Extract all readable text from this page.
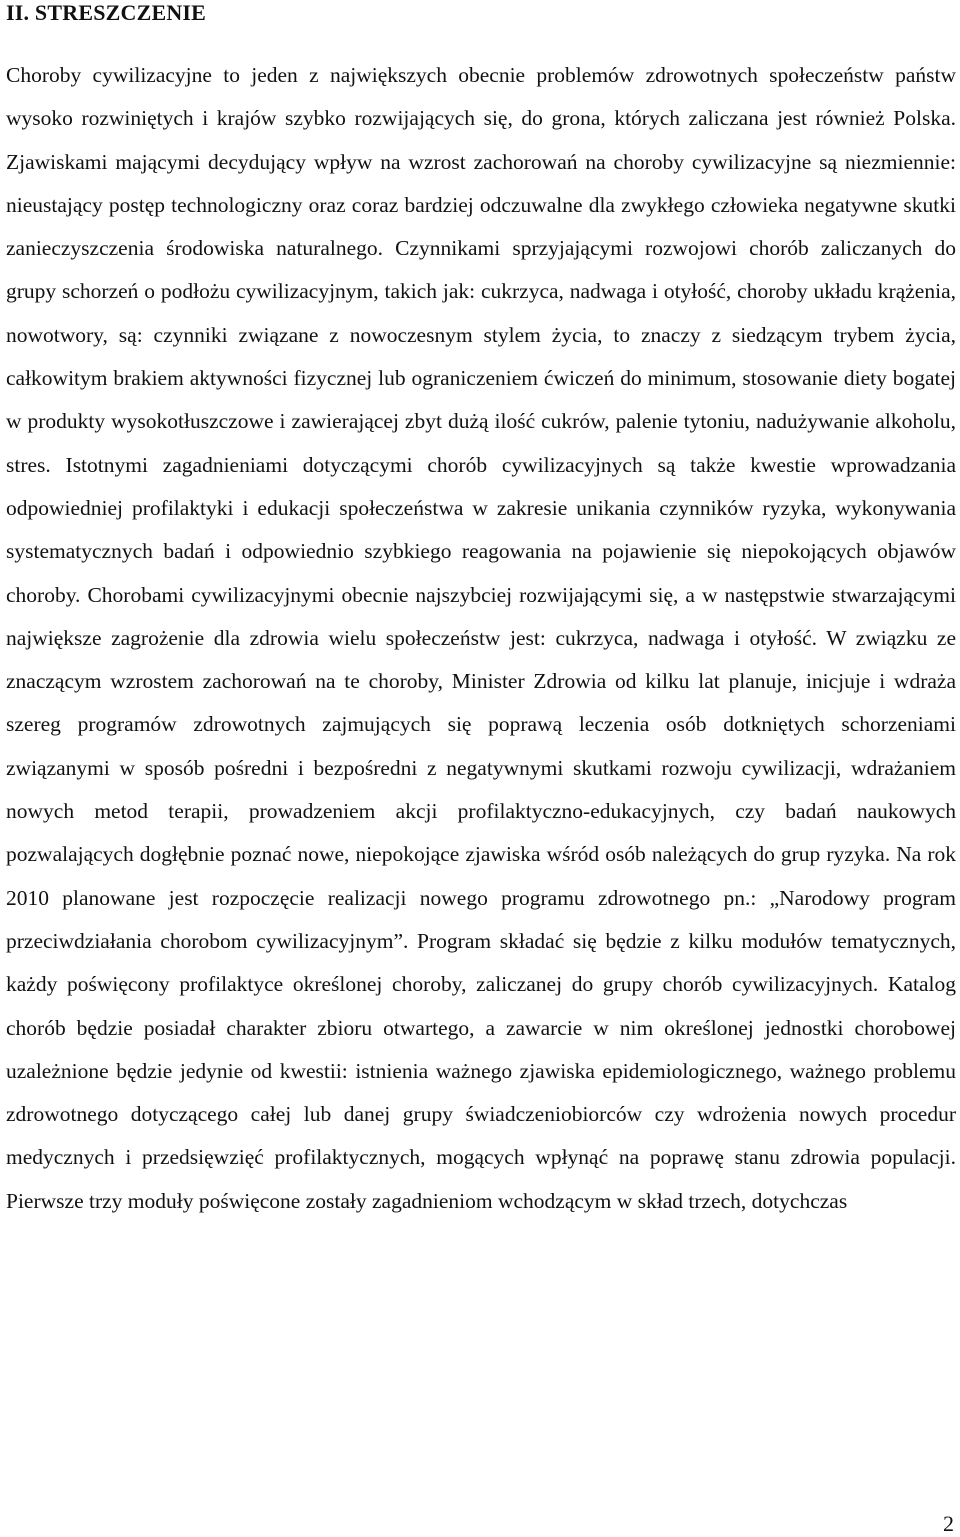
II. STRESZCZENIE

Choroby cywilizacyjne to jeden z największych obecnie problemów zdrowotnych społeczeństw państw wysoko rozwiniętych i krajów szybko rozwijających się, do grona, których zaliczana jest również Polska. Zjawiskami mającymi decydujący wpływ na wzrost zachorowań na choroby cywilizacyjne są niezmiennie: nieustający postęp technologiczny oraz coraz bardziej odczuwalne dla zwykłego człowieka negatywne skutki zanieczyszczenia środowiska naturalnego. Czynnikami sprzyjającymi rozwojowi chorób zaliczanych do grupy schorzeń o podłożu cywilizacyjnym, takich jak: cukrzyca, nadwaga i otyłość, choroby układu krążenia, nowotwory, są: czynniki związane z nowoczesnym stylem życia, to znaczy z siedzącym trybem życia, całkowitym brakiem aktywności fizycznej lub ograniczeniem ćwiczeń do minimum, stosowanie diety bogatej w produkty wysokotłuszczowe i zawierającej zbyt dużą ilość cukrów, palenie tytoniu, nadużywanie alkoholu, stres. Istotnymi zagadnieniami dotyczącymi chorób cywilizacyjnych są także kwestie wprowadzania odpowiedniej profilaktyki i edukacji społeczeństwa w zakresie unikania czynników ryzyka, wykonywania systematycznych badań i odpowiednio szybkiego reagowania na pojawienie się niepokojących objawów choroby. Chorobami cywilizacyjnymi obecnie najszybciej rozwijającymi się, a w następstwie stwarzającymi największe zagrożenie dla zdrowia wielu społeczeństw jest: cukrzyca, nadwaga i otyłość. W związku ze znaczącym wzrostem zachorowań na te choroby, Minister Zdrowia od kilku lat planuje, inicjuje i wdraża szereg programów zdrowotnych zajmujących się poprawą leczenia osób dotkniętych schorzeniami związanymi w sposób pośredni i bezpośredni z negatywnymi skutkami rozwoju cywilizacji, wdrażaniem nowych metod terapii, prowadzeniem akcji profilaktyczno-edukacyjnych, czy badań naukowych pozwalających dogłębnie poznać nowe, niepokojące zjawiska wśród osób należących do grup ryzyka. Na rok 2010 planowane jest rozpoczęcie realizacji nowego programu zdrowotnego pn.: „Narodowy program przeciwdziałania chorobom cywilizacyjnym”. Program składać się będzie z kilku modułów tematycznych, każdy poświęcony profilaktyce określonej choroby, zaliczanej do grupy chorób cywilizacyjnych. Katalog chorób będzie posiadał charakter zbioru otwartego, a zawarcie w nim określonej jednostki chorobowej uzależnione będzie jedynie od kwestii: istnienia ważnego zjawiska epidemiologicznego, ważnego problemu zdrowotnego dotyczącego całej lub danej grupy świadczeniobiorców czy wdrożenia nowych procedur medycznych i przedsięwzięć profilaktycznych, mogących wpłynąć na poprawę stanu zdrowia populacji. Pierwsze trzy moduły poświęcone zostały zagadnieniom wchodzącym w skład trzech, dotychczas

2
